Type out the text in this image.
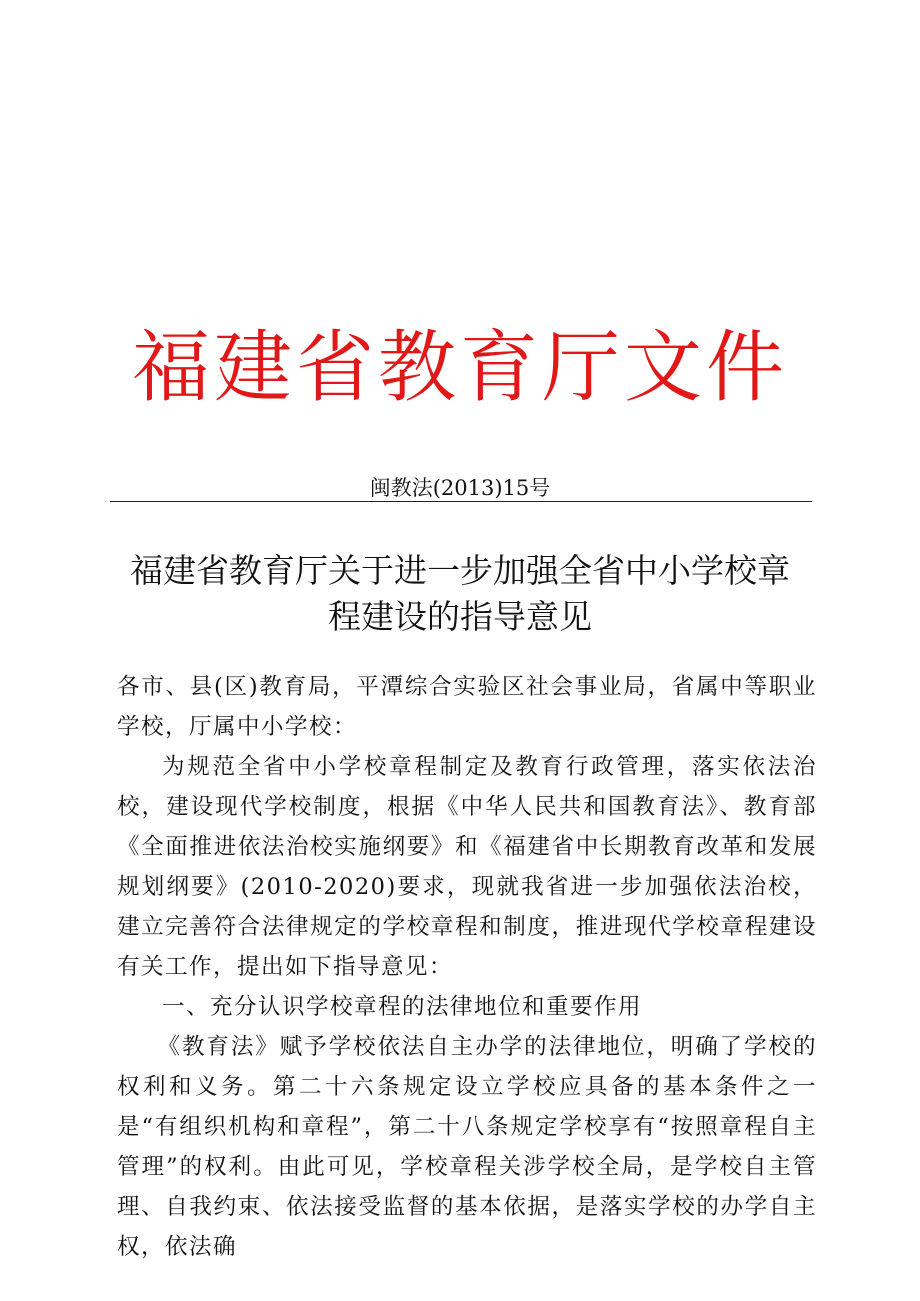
福建省教育厅文件
闽教法(2013)15号
福建省教育厅关于进一步加强全省中小学校章
程建设的指导意见

各市、县(区)教育局，平潭综合实验区社会事业局，省属中等职业学校，厅属中小学校：

为规范全省中小学校章程制定及教育行政管理，落实依法治校，建设现代学校制度，根据《中华人民共和国教育法》、教育部《全面推进依法治校实施纲要》和《福建省中长期教育改革和发展规划纲要》(2010-2020)要求，现就我省进一步加强依法治校，建立完善符合法律规定的学校章程和制度，推进现代学校章程建设有关工作，提出如下指导意见：

一、充分认识学校章程的法律地位和重要作用

《教育法》赋予学校依法自主办学的法律地位，明确了学校的权利和义务。第二十六条规定设立学校应具备的基本条件之一是“有组织机构和章程”，第二十八条规定学校享有“按照章程自主管理”的权利。由此可见，学校章程关涉学校全局，是学校自主管理、自我约束、依法接受监督的基本依据，是落实学校的办学自主权，依法确
